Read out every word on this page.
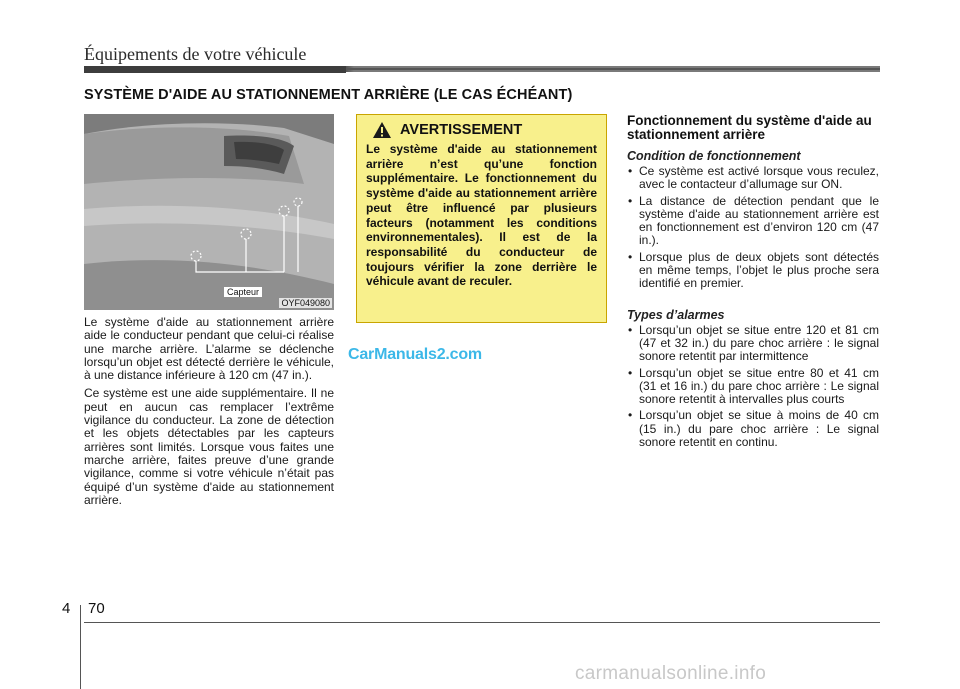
Équipements de votre véhicule
SYSTÈME D'AIDE AU STATIONNEMENT ARRIÈRE (LE CAS ÉCHÉANT)
Capteur
OYF049080

Le système d'aide au stationnement arrière aide le conducteur pendant que celui-ci réalise une marche arrière. L’alarme se déclenche lorsqu’un objet est détecté derrière le véhicule, à une distance inférieure à 120 cm (47 in.).

Ce système est une aide supplémentaire. Il ne peut en aucun cas remplacer l’extrême vigilance du conducteur. La zone de détection et les objets détectables par les capteurs arrières sont limités. Lorsque vous faites une marche arrière, faites preuve d’une grande vigilance, comme si votre véhicule n’était pas équipé d’un système d'aide au stationnement arrière.

AVERTISSEMENT
Le système d'aide au stationnement arrière n’est qu’une fonction supplémentaire. Le fonctionnement du système d'aide au stationnement arrière peut être influencé par plusieurs facteurs (notamment les conditions environnementales). Il est de la responsabilité du conducteur de toujours vérifier la zone derrière le véhicule avant de reculer.
CarManuals2.com
Fonctionnement du système d'aide au stationnement arrière
Condition de fonctionnement
• Ce système est activé lorsque vous reculez, avec le contacteur d’allumage sur ON.
• La distance de détection pendant que le système d'aide au stationnement arrière est en fonctionnement est d’environ 120 cm (47 in.).
• Lorsque plus de deux objets sont détectés en même temps, l’objet le plus proche sera identifié en premier.
Types d’alarmes
• Lorsqu’un objet se situe entre 120 et 81 cm (47 et 32 in.) du pare choc arrière : le signal sonore retentit par intermittence
• Lorsqu’un objet se situe entre 80 et 41 cm (31 et 16 in.) du pare choc arrière : Le signal sonore retentit à intervalles plus courts
• Lorsqu’un objet se situe à moins de 40 cm (15 in.) du pare choc arrière : Le signal sonore retentit en continu.
4 70
carmanualsonline.info
